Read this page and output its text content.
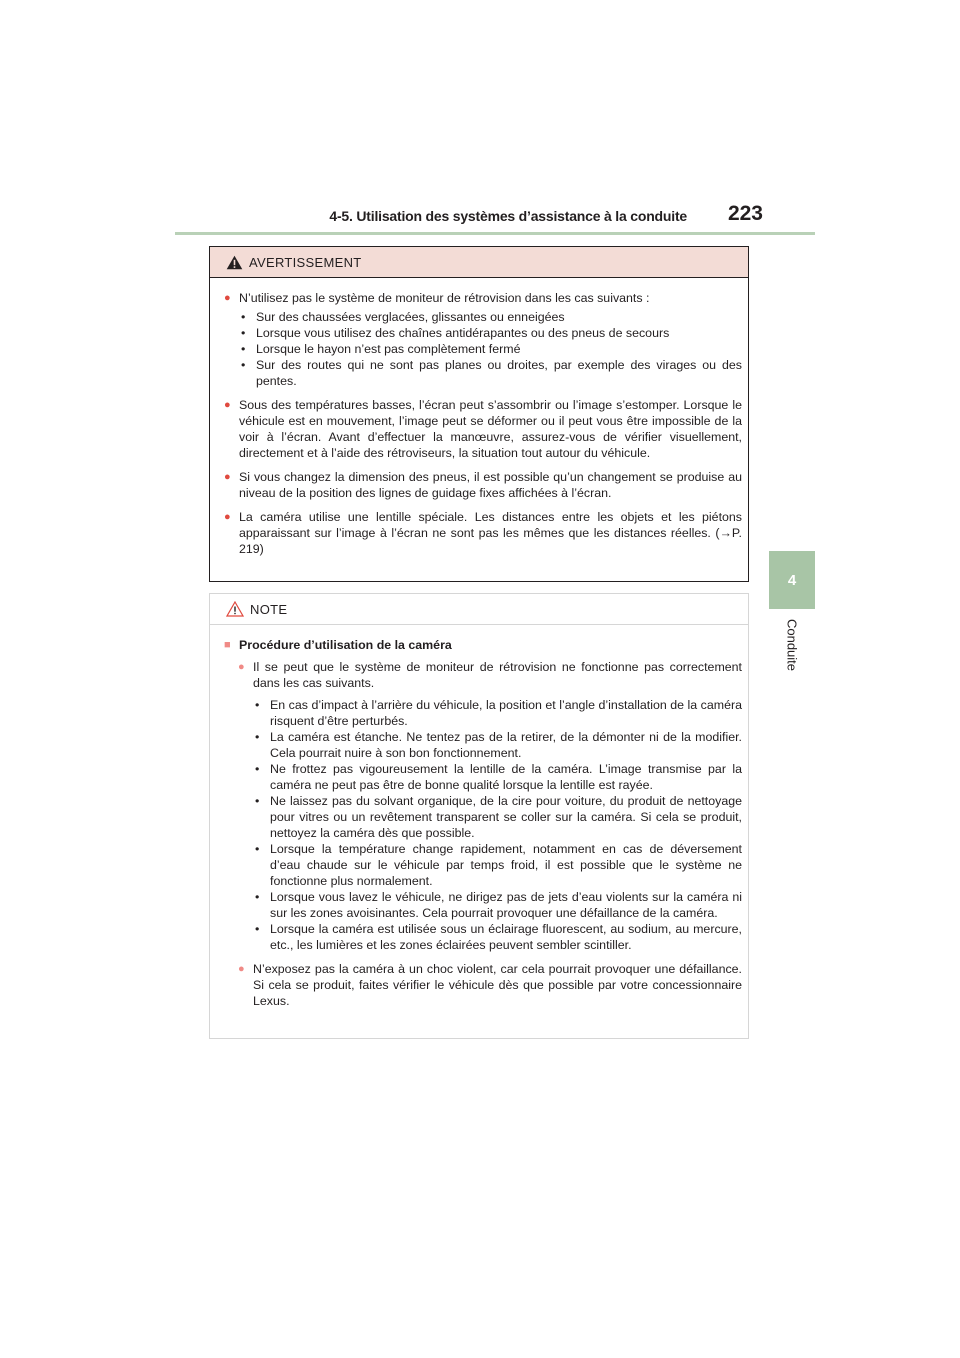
4-5. Utilisation des systèmes d’assistance à la conduite 223
4
Conduite
AVERTISSEMENT
● N’utilisez pas le système de moniteur de rétrovision dans les cas suivants :
• Sur des chaussées verglacées, glissantes ou enneigées
• Lorsque vous utilisez des chaînes antidérapantes ou des pneus de secours
• Lorsque le hayon n’est pas complètement fermé
• Sur des routes qui ne sont pas planes ou droites, par exemple des virages ou des pentes.
● Sous des températures basses, l’écran peut s’assombrir ou l’image s’estomper. Lorsque le véhicule est en mouvement, l’image peut se déformer ou il peut vous être impossible de la voir à l’écran. Avant d’effectuer la manœuvre, assurez-vous de vérifier visuellement, directement et à l’aide des rétroviseurs, la situation tout autour du véhicule.
● Si vous changez la dimension des pneus, il est possible qu’un changement se produise au niveau de la position des lignes de guidage fixes affichées à l’écran.
● La caméra utilise une lentille spéciale. Les distances entre les objets et les piétons apparaissant sur l’image à l’écran ne sont pas les mêmes que les distances réelles. (→P. 219)
NOTE
■ Procédure d’utilisation de la caméra
● Il se peut que le système de moniteur de rétrovision ne fonctionne pas correctement dans les cas suivants.
• En cas d’impact à l’arrière du véhicule, la position et l’angle d’installation de la caméra risquent d’être perturbés.
• La caméra est étanche. Ne tentez pas de la retirer, de la démonter ni de la modifier. Cela pourrait nuire à son bon fonctionnement.
• Ne frottez pas vigoureusement la lentille de la caméra. L’image transmise par la caméra ne peut pas être de bonne qualité lorsque la lentille est rayée.
• Ne laissez pas du solvant organique, de la cire pour voiture, du produit de nettoyage pour vitres ou un revêtement transparent se coller sur la caméra. Si cela se produit, nettoyez la caméra dès que possible.
• Lorsque la température change rapidement, notamment en cas de déversement d’eau chaude sur le véhicule par temps froid, il est possible que le système ne fonctionne plus normalement.
• Lorsque vous lavez le véhicule, ne dirigez pas de jets d’eau violents sur la caméra ni sur les zones avoisinantes. Cela pourrait provoquer une défaillance de la caméra.
• Lorsque la caméra est utilisée sous un éclairage fluorescent, au sodium, au mercure, etc., les lumières et les zones éclairées peuvent sembler scintiller.
● N’exposez pas la caméra à un choc violent, car cela pourrait provoquer une défaillance. Si cela se produit, faites vérifier le véhicule dès que possible par votre concessionnaire Lexus.
